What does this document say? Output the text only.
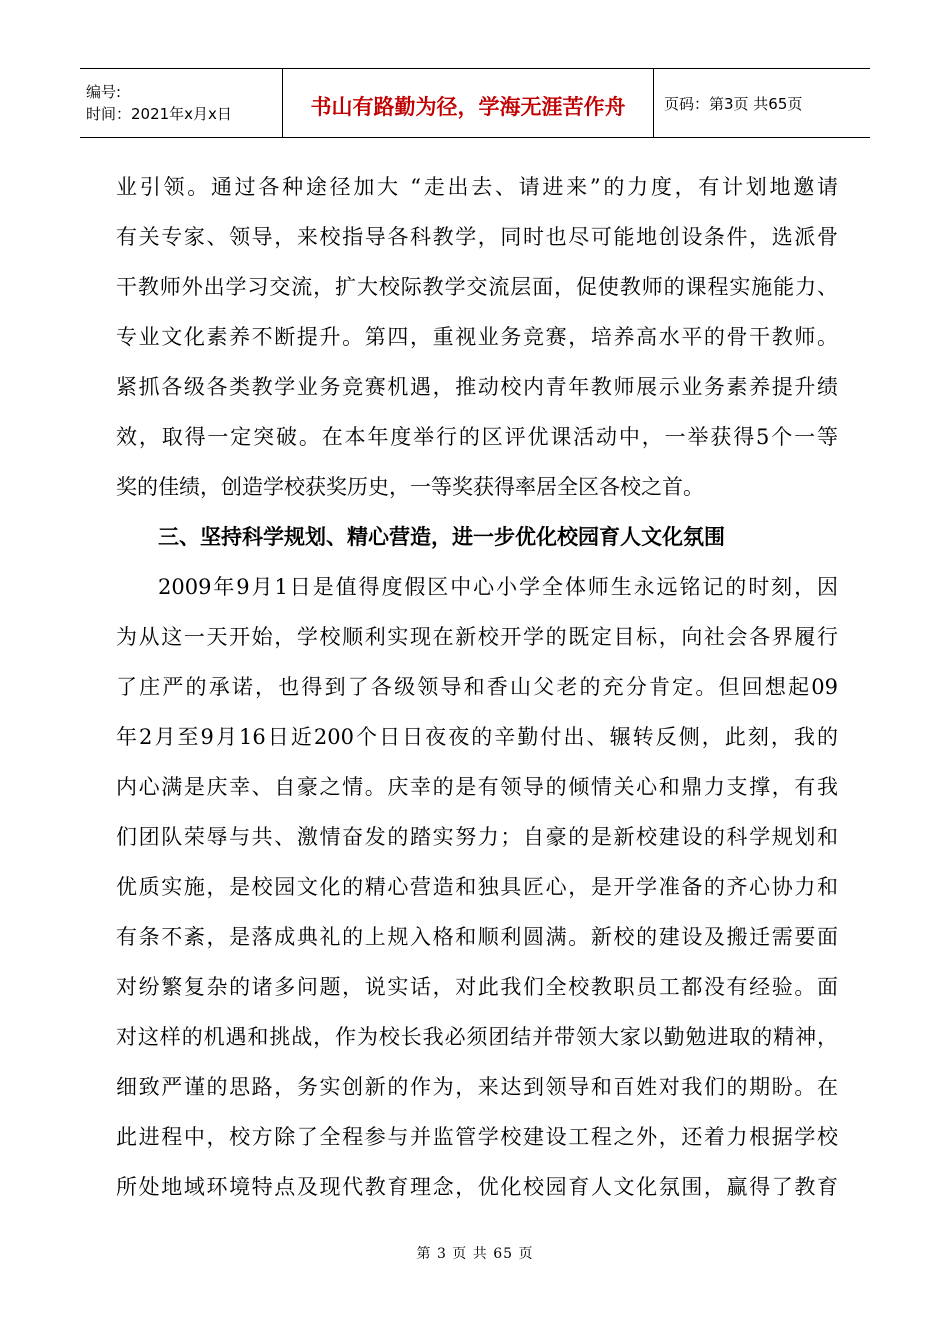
编号:
时间：2021年x月x日	书山有路勤为径，学海无涯苦作舟	页码：第3页 共65页
业引领。通过各种途径加大 “走出去、请进来”的力度，有计划地邀请
有关专家、领导，来校指导各科教学，同时也尽可能地创设条件，选派骨
干教师外出学习交流，扩大校际教学交流层面，促使教师的课程实施能力、
专业文化素养不断提升。第四，重视业务竞赛，培养高水平的骨干教师。
紧抓各级各类教学业务竞赛机遇，推动校内青年教师展示业务素养提升绩
效，取得一定突破。在本年度举行的区评优课活动中，一举获得5个一等
奖的佳绩，创造学校获奖历史，一等奖获得率居全区各校之首。
三、坚持科学规划、精心营造，进一步优化校园育人文化氛围
2009年9月1日是值得度假区中心小学全体师生永远铭记的时刻，因
为从这一天开始，学校顺利实现在新校开学的既定目标，向社会各界履行
了庄严的承诺，也得到了各级领导和香山父老的充分肯定。但回想起09
年2月至9月16日近200个日日夜夜的辛勤付出、辗转反侧，此刻，我的
内心满是庆幸、自豪之情。庆幸的是有领导的倾情关心和鼎力支撑，有我
们团队荣辱与共、激情奋发的踏实努力；自豪的是新校建设的科学规划和
优质实施，是校园文化的精心营造和独具匠心，是开学准备的齐心协力和
有条不紊，是落成典礼的上规入格和顺利圆满。新校的建设及搬迁需要面
对纷繁复杂的诸多问题，说实话，对此我们全校教职员工都没有经验。面
对这样的机遇和挑战，作为校长我必须团结并带领大家以勤勉进取的精神，
细致严谨的思路，务实创新的作为，来达到领导和百姓对我们的期盼。在
此进程中，校方除了全程参与并监管学校建设工程之外，还着力根据学校
所处地域环境特点及现代教育理念，优化校园育人文化氛围，赢得了教育
第 3 页 共 65 页
